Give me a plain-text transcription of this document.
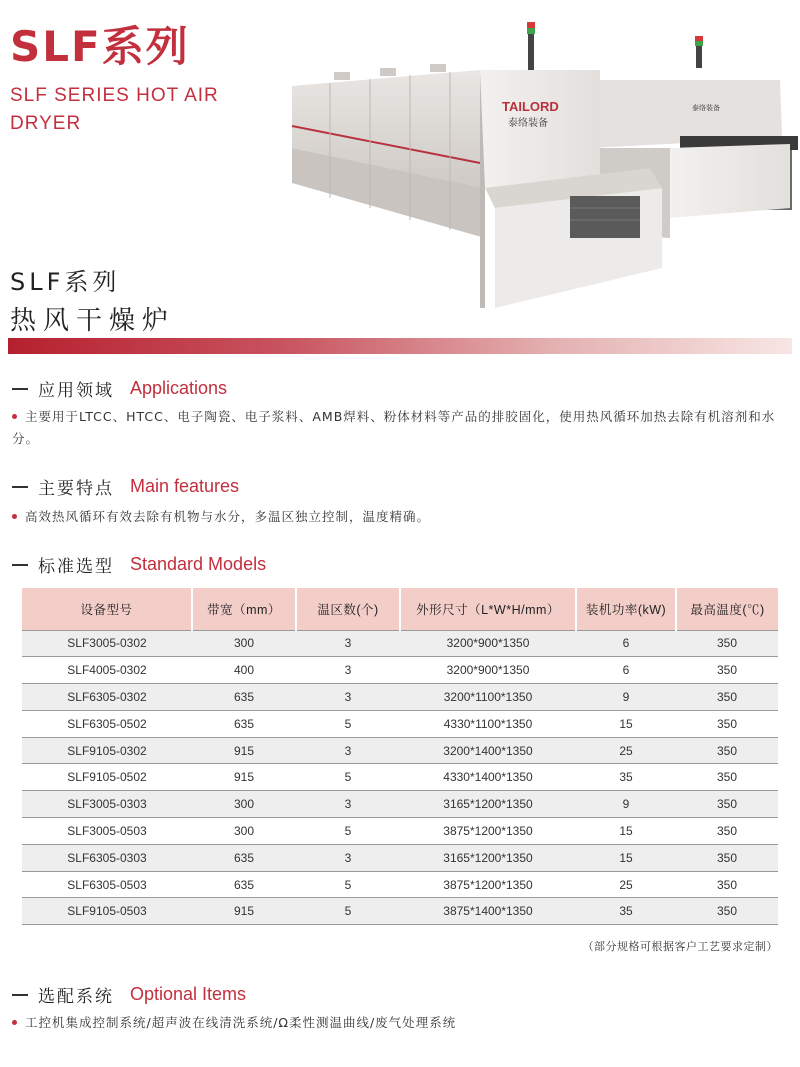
SLF系列
SLF SERIES HOT AIR
DRYER
TAILORD
泰络装备
泰络装备
SLF系列
热风干燥炉
应用领域 Applications
主要用于LTCC、HTCC、电子陶瓷、电子浆料、AMB焊料、粉体材料等产品的排胶固化，使用热风循环加热去除有机溶剂和水分。
主要特点 Main features
高效热风循环有效去除有机物与水分，多温区独立控制，温度精确。
标准选型 Standard Models
设备型号	带宽（mm）	温区数(个)	外形尺寸（L*W*H/mm）	装机功率(kW)	最高温度(℃)
SLF3005-0302	300	3	3200*900*1350	6	350
SLF4005-0302	400	3	3200*900*1350	6	350
SLF6305-0302	635	3	3200*1100*1350	9	350
SLF6305-0502	635	5	4330*1100*1350	15	350
SLF9105-0302	915	3	3200*1400*1350	25	350
SLF9105-0502	915	5	4330*1400*1350	35	350
SLF3005-0303	300	3	3165*1200*1350	9	350
SLF3005-0503	300	5	3875*1200*1350	15	350
SLF6305-0303	635	3	3165*1200*1350	15	350
SLF6305-0503	635	5	3875*1200*1350	25	350
SLF9105-0503	915	5	3875*1400*1350	35	350
（部分规格可根据客户工艺要求定制）
选配系统 Optional Items
工控机集成控制系统/超声波在线清洗系统/Ω柔性测温曲线/废气处理系统
